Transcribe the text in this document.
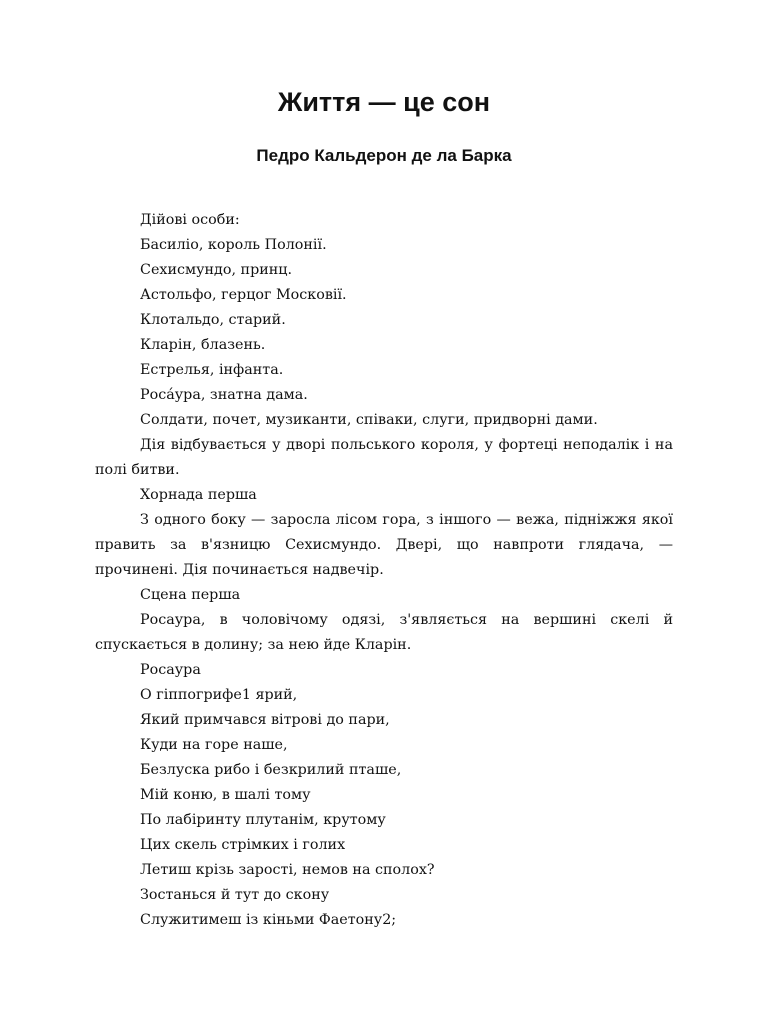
Життя — це сон
Педро Кальдерон де ла Барка

Дійові особи:

Басиліо, король Полонії.

Сехисмундо, принц.

Астольфо, герцог Московії.

Клотальдо, старий.

Кларін, блазень.

Естрелья, інфанта.

Росáура, знатна дама.

Солдати, почет, музиканти, співаки, слуги, придворні дами.

Дія відбувається у дворі польського короля, у фортеці неподалік і на полі битви.

Хорнада перша

З одного боку — заросла лісом гора, з іншого — вежа, підніжжя якої править за в'язницю Сехисмундо. Двері, що навпроти глядача, — прочинені. Дія починається надвечір.

Сцена перша

Росаура, в чоловічому одязі, з'являється на вершині скелі й спускається в долину; за нею йде Кларін.

Росаура

О гіппогрифе1 ярий,

Який примчався вітрові до пари,

Куди на горе наше,

Безлуска рибо і безкрилий пташе,

Мій коню, в шалі тому

По лабіринту плутанім, крутому

Цих скель стрімких і голих

Летиш крізь зарості, немов на сполох?

Зостанься й тут до скону

Служитимеш із кіньми Фаетону2;
